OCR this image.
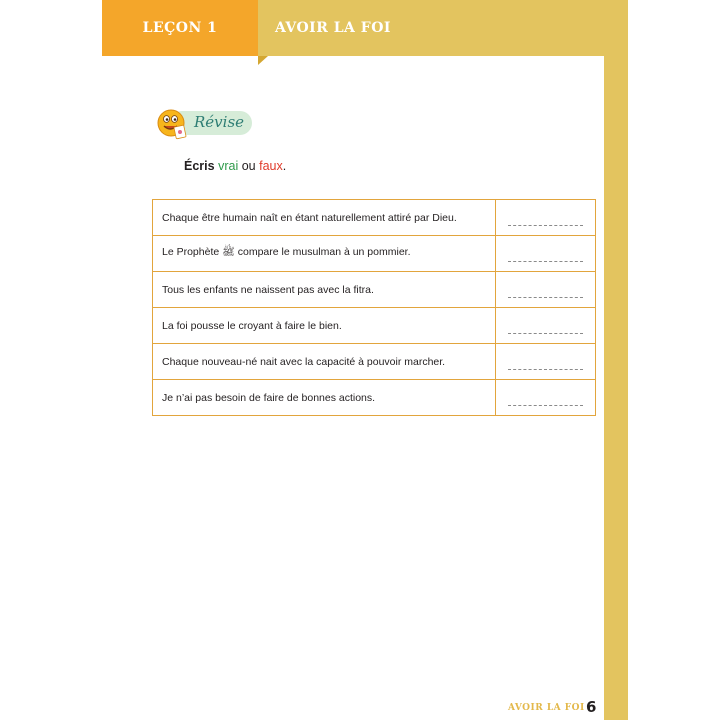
LEÇON 1	AVOIR LA FOI
Révise
Écris vrai ou faux.
Chaque être humain naît en étant naturellement attiré par Dieu.	

Le Prophète ﷺ compare le musulman à un pommier.	

Tous les enfants ne naissent pas avec la fitra.	

La foi pousse le croyant à faire le bien.	

Chaque nouveau-né nait avec la capacité à pouvoir marcher.	

Je n’ai pas besoin de faire de bonnes actions.	
AVOIR LA FOI 6
